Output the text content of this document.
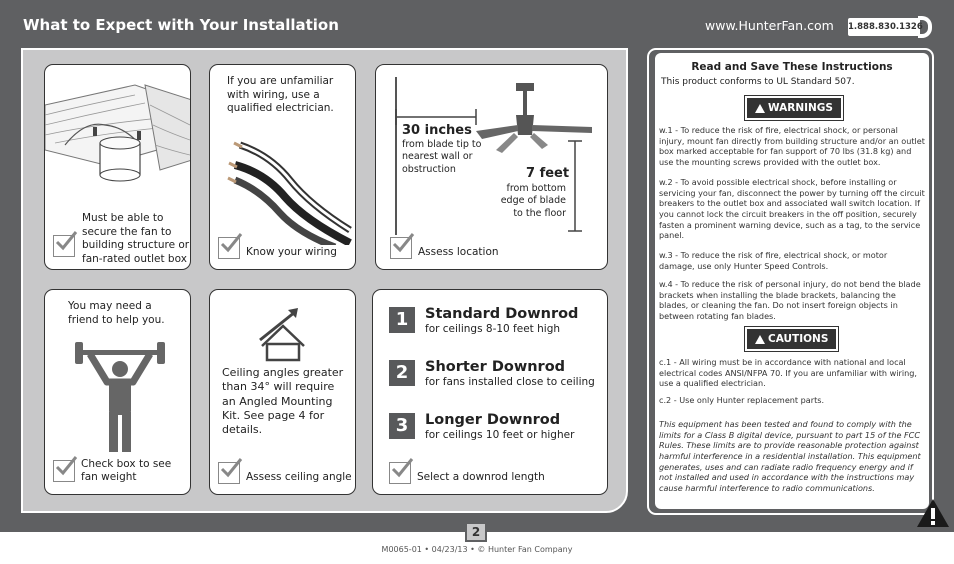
What to Expect with Your Installation	www.HunterFan.com 1.888.830.1326
Must be able to secure the fan to building structure or fan-rated outlet box
If you are unfamiliar with wiring, use a qualified electrician.
Know your wiring
30 inches
from blade tip to nearest wall or obstruction	7 feet
from bottom edge of blade to the floor
Assess location
You may need a friend to help you.
Check box to see fan weight
Ceiling angles greater than 34° will require an Angled Mounting Kit. See page 4 for details.
Assess ceiling angle
1	Standard Downrod
for ceilings 8-10 feet high
2	Shorter Downrod
for fans installed close to ceiling
3	Longer Downrod
for ceilings 10 feet or higher
Select a downrod length
Read and Save These Instructions
This product conforms to UL Standard 507.
WARNINGS
w.1 - To reduce the risk of fire, electrical shock, or personal injury, mount fan directly from building structure and/or an outlet box marked acceptable for fan support of 70 lbs (31.8 kg) and use the mounting screws provided with the outlet box.
w.2 - To avoid possible electrical shock, before installing or servicing your fan, disconnect the power by turning off the circuit breakers to the outlet box and associated wall switch location. If you cannot lock the circuit breakers in the off position, securely fasten a prominent warning device, such as a tag, to the service panel.
w.3 - To reduce the risk of fire, electrical shock, or motor damage, use only Hunter Speed Controls.
w.4 - To reduce the risk of personal injury, do not bend the blade brackets when installing the blade brackets, balancing the blades, or cleaning the fan. Do not insert foreign objects in between rotating fan blades.
CAUTIONS
c.1 - All wiring must be in accordance with national and local electrical codes ANSI/NFPA 70. If you are unfamiliar with wiring, use a qualified electrician.
c.2 - Use only Hunter replacement parts.
This equipment has been tested and found to comply with the limits for a Class B digital device, pursuant to part 15 of the FCC Rules. These limits are to provide reasonable protection against harmful interference in a residential installation. This equipment generates, uses and can radiate radio frequency energy and if not installed and used in accordance with the instructions may cause harmful interference to radio communications.
2
M0065-01 • 04/23/13 • © Hunter Fan Company
